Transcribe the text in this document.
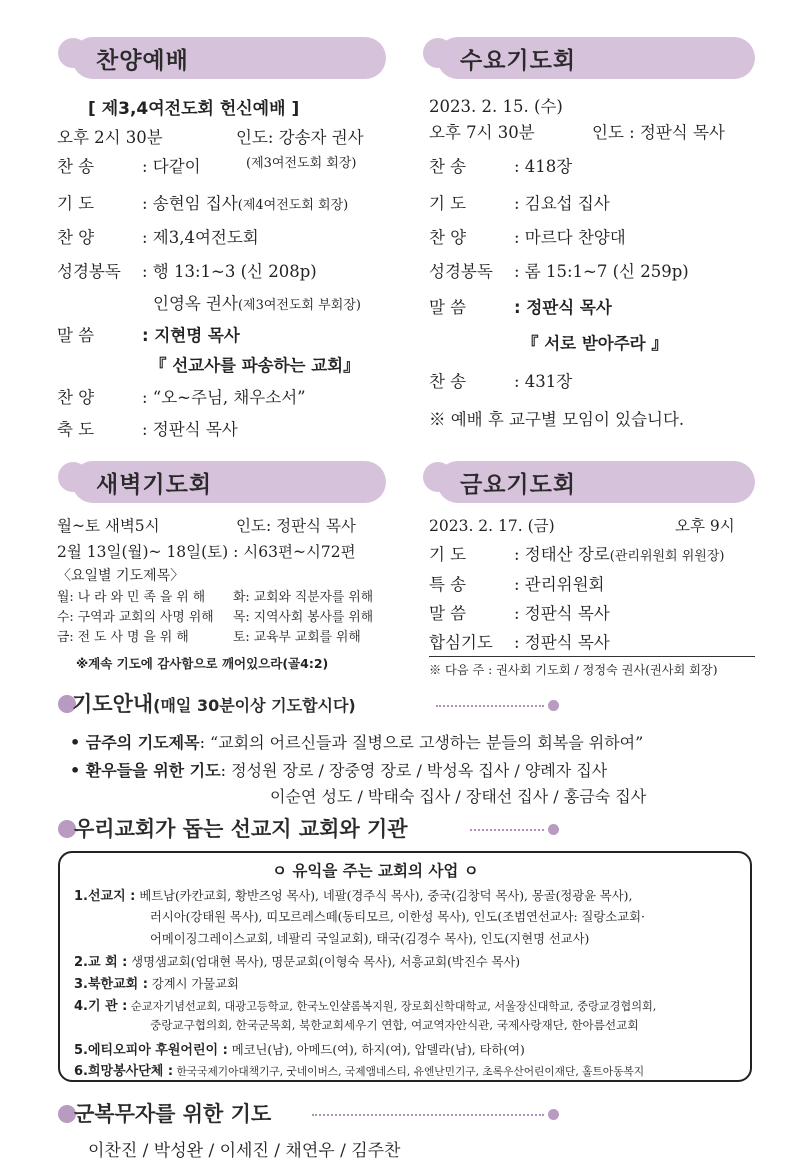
찬양예배
[ 제3,4여전도회 헌신예배 ]
오후 2시 30분	인도: 강송자 권사
(제3여전도회 회장)
찬 송	: 다같이
기 도	: 송현임 집사(제4여전도회 회장)
찬 양	: 제3,4여전도회
성경봉독 : 행 13:1~3 (신 208p)
인영옥 권사(제3여전도회 부회장)
말 씀	: 지현명 목사
『 선교사를 파송하는 교회』
찬 양	: “오~주님, 채우소서”
축 도	: 정판식 목사
수요기도회
2023. 2. 15. (수)
오후 7시 30분	인도 : 정판식 목사
찬 송	: 418장
기 도	: 김요섭 집사
찬 양	: 마르다 찬양대
성경봉독 : 롬 15:1~7 (신 259p)
말 씀	: 정판식 목사
『 서로 받아주라 』
찬 송	: 431장
※ 예배 후 교구별 모임이 있습니다.
새벽기도회
월~토 새벽5시	인도: 정판식 목사
2월 13일(월)~ 18일(토) : 시63편~시72편
〈요일별 기도제목〉
월: 나 라 와 민 족 을 위 해 화: 교회와 직분자를 위해
수: 구역과 교회의 사명 위해 목: 지역사회 봉사를 위해
금: 전 도 사 명 을 위 해	토: 교육부 교회를 위해
※계속 기도에 감사함으로 깨어있으라(골4:2)
금요기도회
2023. 2. 17. (금)	오후 9시
기 도	: 정태산 장로(관리위원회 위원장)
특 송	: 관리위원회
말 씀	: 정판식 목사
합심기도 : 정판식 목사
※ 다음 주 : 권사회 기도회 / 정정숙 권사(권사회 회장)
기도안내(매일 30분이상 기도합시다)
• 금주의 기도제목: “교회의 어르신들과 질병으로 고생하는 분들의 회복을 위하여”
• 환우들을 위한 기도: 정성원 장로 / 장중영 장로 / 박성옥 집사 / 양례자 집사
이순연 성도 / 박태숙 집사 / 장태선 집사 / 홍금숙 집사
우리교회가 돕는 선교지 교회와 기관
ㅇ 유익을 주는 교회의 사업 ㅇ
1.선교지 : 베트남(카칸교회, 황반즈엉 목사), 네팔(경주식 목사), 중국(김창덕 목사), 몽골(정광윤 목사),
러시아(강태원 목사), 띠모르레스떼(동티모르, 이한성 목사), 인도(조범연선교사: 질랑소교회·
어메이징그레이스교회, 네팔리 국일교회), 태국(김경수 목사), 인도(지현명 선교사)
2.교 회 : 생명샘교회(엄대현 목사), 명문교회(이형숙 목사), 서흥교회(박진수 목사)
3.북한교회 : 강계시 가물교회
4.기 관 : 순교자기념선교회, 대광고등학교, 한국노인샬롬복지원, 장로회신학대학교, 서울장신대학교, 중랑교경협의회,
중랑교구협의회, 한국군목회, 북한교회세우기 연합, 여교역자안식관, 국제사랑재단, 한아름선교회
5.에티오피아 후원어린이 : 메코닌(남), 아메드(여), 하지(여), 압델라(남), 타하(여)
6.희망봉사단체 : 한국국제기아대책기구, 굿네이버스, 국제앰네스티, 유엔난민기구, 초록우산어린이재단, 홀트아동복지
군복무자를 위한 기도
이찬진 / 박성완 / 이세진 / 채연우 / 김주찬
